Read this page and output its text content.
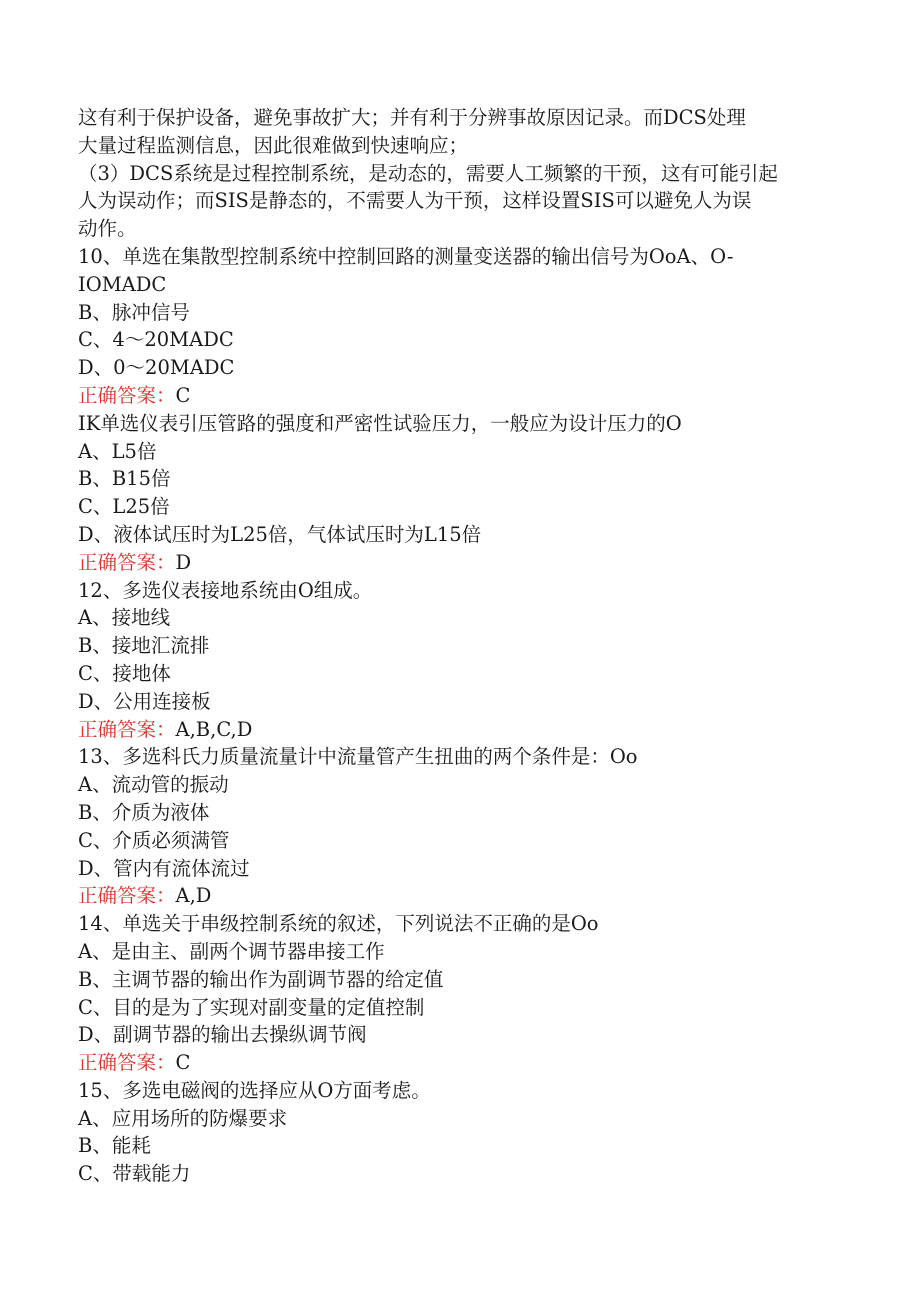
这有利于保护设备，避免事故扩大；并有利于分辨事故原因记录。而DCS处理
大量过程监测信息，因此很难做到快速响应；
（3）DCS系统是过程控制系统，是动态的，需要人工频繁的干预，这有可能引起
人为误动作；而SIS是静态的，不需要人为干预，这样设置SIS可以避免人为误
动作。
10、单选在集散型控制系统中控制回路的测量变送器的输出信号为OoA、O-
IOMADC
B、脉冲信号
C、4～20MADC
D、0～20MADC
正确答案：C
IK单选仪表引压管路的强度和严密性试验压力，一般应为设计压力的O
A、L5倍
B、B15倍
C、L25倍
D、液体试压时为L25倍，气体试压时为L15倍
正确答案：D
12、多选仪表接地系统由O组成。
A、接地线
B、接地汇流排
C、接地体
D、公用连接板
正确答案：A,B,C,D
13、多选科氏力质量流量计中流量管产生扭曲的两个条件是：Oo
A、流动管的振动
B、介质为液体
C、介质必须满管
D、管内有流体流过
正确答案：A,D
14、单选关于串级控制系统的叙述，下列说法不正确的是Oo
A、是由主、副两个调节器串接工作
B、主调节器的输出作为副调节器的给定值
C、目的是为了实现对副变量的定值控制
D、副调节器的输出去操纵调节阀
正确答案：C
15、多选电磁阀的选择应从O方面考虑。
A、应用场所的防爆要求
B、能耗
C、带载能力
